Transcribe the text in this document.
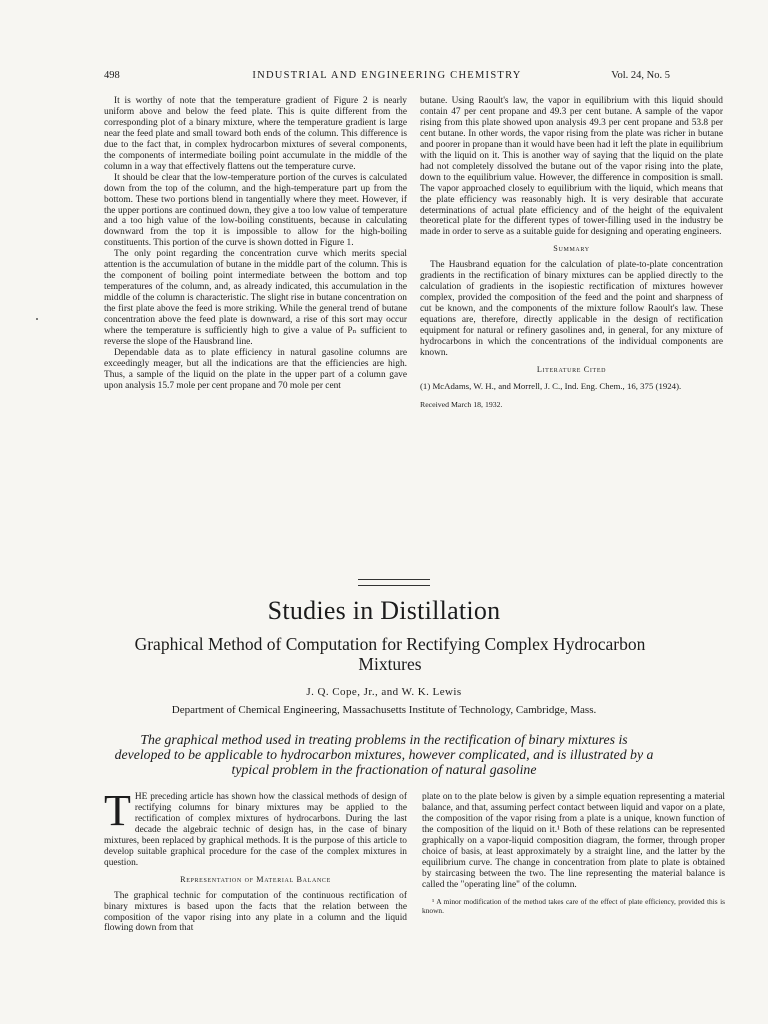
498	INDUSTRIAL AND ENGINEERING CHEMISTRY	Vol. 24, No. 5

It is worthy of note that the temperature gradient of Figure 2 is nearly uniform above and below the feed plate. This is quite different from the corresponding plot of a binary mixture, where the temperature gradient is large near the feed plate and small toward both ends of the column. This difference is due to the fact that, in complex hydrocarbon mixtures of several components, the components of intermediate boiling point accumulate in the middle of the column in a way that effectively flattens out the temperature curve.

It should be clear that the low-temperature portion of the curves is calculated down from the top of the column, and the high-temperature part up from the bottom. These two portions blend in tangentially where they meet. However, if the upper portions are continued down, they give a too low value of temperature and a too high value of the low-boiling constituents, because in calculating downward from the top it is impossible to allow for the high-boiling constituents. This portion of the curve is shown dotted in Figure 1.

The only point regarding the concentration curve which merits special attention is the accumulation of butane in the middle part of the column. This is the component of boiling point intermediate between the bottom and top temperatures of the column, and, as already indicated, this accumulation in the middle of the column is characteristic. The slight rise in butane concentration on the first plate above the feed is more striking. While the general trend of butane concentration above the feed plate is downward, a rise of this sort may occur where the temperature is sufficiently high to give a value of Pₙ sufficient to reverse the slope of the Hausbrand line.

Dependable data as to plate efficiency in natural gasoline columns are exceedingly meager, but all the indications are that the efficiencies are high. Thus, a sample of the liquid on the plate in the upper part of a column gave upon analysis 15.7 mole per cent propane and 70 mole per cent

butane. Using Raoult's law, the vapor in equilibrium with this liquid should contain 47 per cent propane and 49.3 per cent butane. A sample of the vapor rising from this plate showed upon analysis 49.3 per cent propane and 53.8 per cent butane. In other words, the vapor rising from the plate was richer in butane and poorer in propane than it would have been had it left the plate in equilibrium with the liquid on it. This is another way of saying that the liquid on the plate had not completely dissolved the butane out of the vapor rising into the plate, down to the equilibrium value. However, the difference in composition is small. The vapor approached closely to equilibrium with the liquid, which means that the plate efficiency was reasonably high. It is very desirable that accurate determinations of actual plate efficiency and of the height of the equivalent theoretical plate for the different types of tower-filling used in the industry be made in order to serve as a suitable guide for designing and operating engineers.

Summary

The Hausbrand equation for the calculation of plate-to-plate concentration gradients in the rectification of binary mixtures can be applied directly to the calculation of gradients in the isopiestic rectification of mixtures however complex, provided the composition of the feed and the point and sharpness of cut be known, and the components of the mixture follow Raoult's law. These equations are, therefore, directly applicable in the design of rectification equipment for natural or refinery gasolines and, in general, for any mixture of hydrocarbons in which the concentrations of the individual components are known.

Literature Cited

(1) McAdams, W. H., and Morrell, J. C., Ind. Eng. Chem., 16, 375 (1924).

Received March 18, 1932.

Studies in Distillation
Graphical Method of Computation for Rectifying Complex Hydrocarbon Mixtures
J. Q. Cope, Jr., and W. K. Lewis
Department of Chemical Engineering, Massachusetts Institute of Technology, Cambridge, Mass.
The graphical method used in treating problems in the rectification of binary mixtures is developed to be applicable to hydrocarbon mixtures, however complicated, and is illustrated by a typical problem in the fractionation of natural gasoline

THE preceding article has shown how the classical methods of design of rectifying columns for binary mixtures may be applied to the rectification of complex mixtures of hydrocarbons. During the last decade the algebraic technic of design has, in the case of binary mixtures, been replaced by graphical methods. It is the purpose of this article to develop suitable graphical procedure for the case of the complex mixtures in question.

Representation of Material Balance

The graphical technic for computation of the continuous rectification of binary mixtures is based upon the facts that the relation between the composition of the vapor rising into any plate in a column and the liquid flowing down from that

plate on to the plate below is given by a simple equation representing a material balance, and that, assuming perfect contact between liquid and vapor on a plate, the composition of the vapor rising from a plate is a unique, known function of the composition of the liquid on it.¹ Both of these relations can be represented graphically on a vapor-liquid composition diagram, the former, through proper choice of basis, at least approximately by a straight line, and the latter by the equilibrium curve. The change in concentration from plate to plate is obtained by staircasing between the two. The line representing the material balance is called the "operating line" of the column.

¹ A minor modification of the method takes care of the effect of plate efficiency, provided this is known.
